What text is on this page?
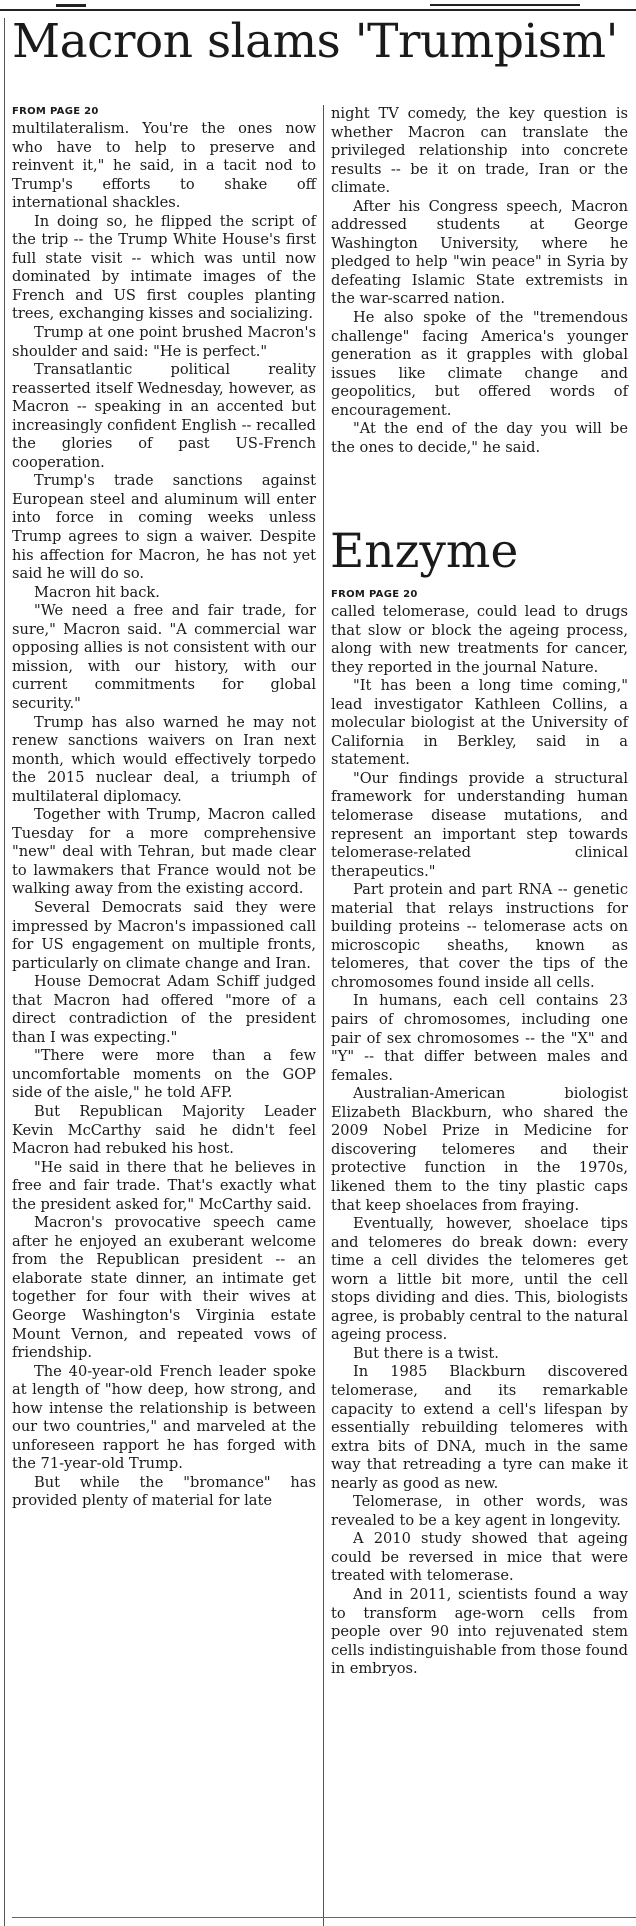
Macron slams 'Trumpism'
FROM PAGE 20

multilateralism. You're the ones now who have to help to preserve and reinvent it," he said, in a tacit nod to Trump's efforts to shake off international shackles.

In doing so, he flipped the script of the trip -- the Trump White House's first full state visit -- which was until now dominated by intimate images of the French and US first couples planting trees, exchanging kisses and socializing.

Trump at one point brushed Macron's shoulder and said: "He is perfect."

Transatlantic political reality reasserted itself Wednesday, however, as Macron -- speaking in an accented but increasingly confident English -- recalled the glories of past US-French cooperation.

Trump's trade sanctions against European steel and aluminum will enter into force in coming weeks unless Trump agrees to sign a waiver. Despite his affection for Macron, he has not yet said he will do so.

Macron hit back.

"We need a free and fair trade, for sure," Macron said. "A commercial war opposing allies is not consistent with our mission, with our history, with our current commitments for global security."

Trump has also warned he may not renew sanctions waivers on Iran next month, which would effectively torpedo the 2015 nuclear deal, a triumph of multilateral diplomacy.

Together with Trump, Macron called Tuesday for a more comprehensive "new" deal with Tehran, but made clear to lawmakers that France would not be walking away from the existing accord.

Several Democrats said they were impressed by Macron's impassioned call for US engagement on multiple fronts, particularly on climate change and Iran.

House Democrat Adam Schiff judged that Macron had offered "more of a direct contradiction of the president than I was expecting."

"There were more than a few uncomfortable moments on the GOP side of the aisle," he told AFP.

But Republican Majority Leader Kevin McCarthy said he didn't feel Macron had rebuked his host.

"He said in there that he believes in free and fair trade. That's exactly what the president asked for," McCarthy said.

Macron's provocative speech came after he enjoyed an exuberant welcome from the Republican president -- an elaborate state dinner, an intimate get together for four with their wives at George Washington's Virginia estate Mount Vernon, and repeated vows of friendship.

The 40-year-old French leader spoke at length of "how deep, how strong, and how intense the relationship is between our two countries," and marveled at the unforeseen rapport he has forged with the 71-year-old Trump.

But while the "bromance" has provided plenty of material for late

night TV comedy, the key question is whether Macron can translate the privileged relationship into concrete results -- be it on trade, Iran or the climate.

After his Congress speech, Macron addressed students at George Washington University, where he pledged to help "win peace" in Syria by defeating Islamic State extremists in the war-scarred nation.

He also spoke of the "tremendous challenge" facing America's younger generation as it grapples with global issues like climate change and geopolitics, but offered words of encouragement.

"At the end of the day you will be the ones to decide," he said.

Enzyme
FROM PAGE 20

called telomerase, could lead to drugs that slow or block the ageing process, along with new treatments for cancer, they reported in the journal Nature.

"It has been a long time coming," lead investigator Kathleen Collins, a molecular biologist at the University of California in Berkley, said in a statement.

"Our findings provide a structural framework for understanding human telomerase disease mutations, and represent an important step towards telomerase-related clinical therapeutics."

Part protein and part RNA -- genetic material that relays instructions for building proteins -- telomerase acts on microscopic sheaths, known as telomeres, that cover the tips of the chromosomes found inside all cells.

In humans, each cell contains 23 pairs of chromosomes, including one pair of sex chromosomes -- the "X" and "Y" -- that differ between males and females.

Australian-American biologist Elizabeth Blackburn, who shared the 2009 Nobel Prize in Medicine for discovering telomeres and their protective function in the 1970s, likened them to the tiny plastic caps that keep shoelaces from fraying.

Eventually, however, shoelace tips and telomeres do break down: every time a cell divides the telomeres get worn a little bit more, until the cell stops dividing and dies. This, biologists agree, is probably central to the natural ageing process.

But there is a twist.

In 1985 Blackburn discovered telomerase, and its remarkable capacity to extend a cell's lifespan by essentially rebuilding telomeres with extra bits of DNA, much in the same way that retreading a tyre can make it nearly as good as new.

Telomerase, in other words, was revealed to be a key agent in longevity.

A 2010 study showed that ageing could be reversed in mice that were treated with telomerase.

And in 2011, scientists found a way to transform age-worn cells from people over 90 into rejuvenated stem cells indistinguishable from those found in embryos.
